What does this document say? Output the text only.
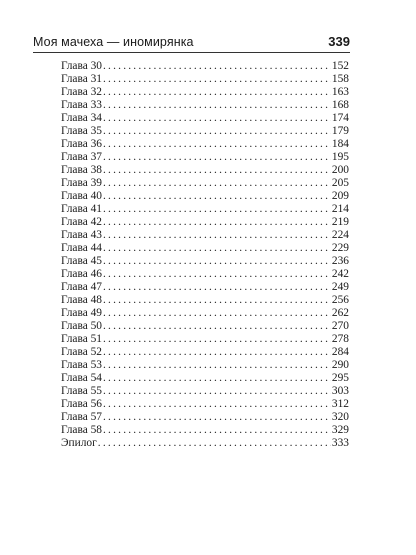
Моя мачеха — иномирянка	339
Глава 30 .....	152
Глава 31 .....	158
Глава 32 .....	163
Глава 33 .....	168
Глава 34 .....	174
Глава 35 .....	179
Глава 36 .....	184
Глава 37 .....	195
Глава 38 .....	200
Глава 39 .....	205
Глава 40 .....	209
Глава 41 .....	214
Глава 42 .....	219
Глава 43 .....	224
Глава 44 .....	229
Глава 45 .....	236
Глава 46 .....	242
Глава 47 .....	249
Глава 48 .....	256
Глава 49 .....	262
Глава 50 .....	270
Глава 51 .....	278
Глава 52 .....	284
Глава 53 .....	290
Глава 54 .....	295
Глава 55 .....	303
Глава 56 .....	312
Глава 57 .....	320
Глава 58 .....	329
Эпилог .....	333
